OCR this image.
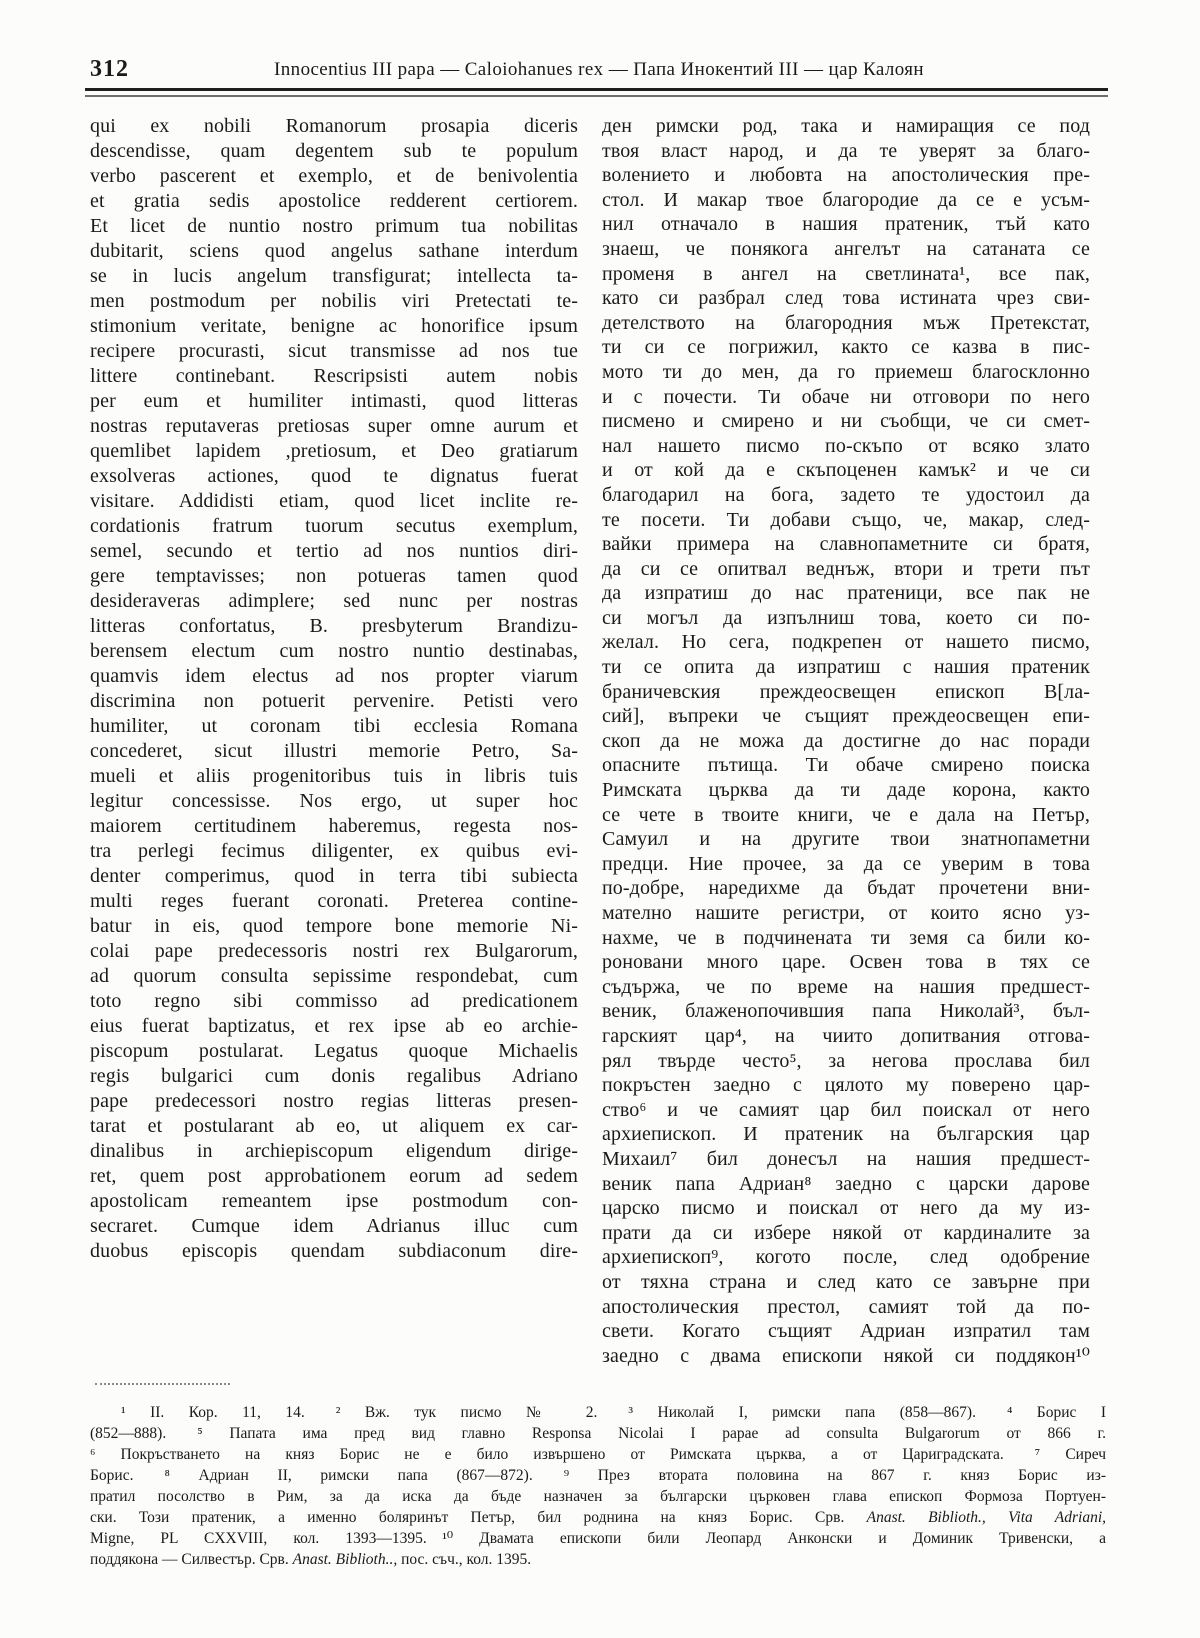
312	Innocentius III papa — Caloiohanues rex — Папа Инокентий III — цар Калоян
qui ex nobili Romanorum prosapia diceris
descendisse, quam degentem sub te populum
verbo pascerent et exemplo, et de benivolentia
et gratia sedis apostolice redderent certiorem.
Et licet de nuntio nostro primum tua nobilitas
dubitarit, sciens quod angelus sathane interdum
se in lucis angelum transfigurat; intellecta ta-
men postmodum per nobilis viri Pretectati te-
stimonium veritate, benigne ac honorifice ipsum
recipere procurasti, sicut transmisse ad nos tue
littere continebant. Rescripsisti autem nobis
per eum et humiliter intimasti, quod litteras
nostras reputaveras pretiosas super omne aurum et
quemlibet lapidem ,pretiosum, et Deo gratiarum
exsolveras actiones, quod te dignatus fuerat
visitare. Addidisti etiam, quod licet inclite re-
cordationis fratrum tuorum secutus exemplum,
semel, secundo et tertio ad nos nuntios diri-
gere temptavisses; non potueras tamen quod
desideraveras adimplere; sed nunc per nostras
litteras confortatus, B. presbyterum Brandizu-
berensem electum cum nostro nuntio destinabas,
quamvis idem electus ad nos propter viarum
discrimina non potuerit pervenire. Petisti vero
humiliter, ut coronam tibi ecclesia Romana
concederet, sicut illustri memorie Petro, Sa-
mueli et aliis progenitoribus tuis in libris tuis
legitur concessisse. Nos ergo, ut super hoc
maiorem certitudinem haberemus, regesta nos-
tra perlegi fecimus diligenter, ex quibus evi-
denter comperimus, quod in terra tibi subiecta
multi reges fuerant coronati. Preterea contine-
batur in eis, quod tempore bone memorie Ni-
colai pape predecessoris nostri rex Bulgarorum,
ad quorum consulta sepissime respondebat, cum
toto regno sibi commisso ad predicationem
eius fuerat baptizatus, et rex ipse ab eo archie-
piscopum postularat. Legatus quoque Michaelis
regis bulgarici cum donis regalibus Adriano
pape predecessori nostro regias litteras presen-
tarat et postularant ab eo, ut aliquem ex car-
dinalibus in archiepiscopum eligendum dirige-
ret, quem post approbationem eorum ad sedem
apostolicam remeantem ipse postmodum con-
secraret. Cumque idem Adrianus illuc cum
duobus episcopis quendam subdiaconum dire-
ден римски род, така и намиращия се под
твоя власт народ, и да те уверят за благо-
волението и любовта на апостолическия пре-
стол. И макар твое благородие да се е усъм-
нил отначало в нашия пратеник, тъй като
знаеш, че понякога ангелът на сатаната се
променя в ангел на светлината¹, все пак,
като си разбрал след това истината чрез сви-
детелството на благородния мъж Претекстат,
ти си се погрижил, както се казва в пис-
мото ти до мен, да го приемеш благосклонно
и с почести. Ти обаче ни отговори по него
писмено и смирено и ни съобщи, че си смет-
нал нашето писмо по-скъпо от всяко злато
и от кой да е скъпоценен камък² и че си
благодарил на бога, задето те удостоил да
те посети. Ти добави също, че, макар, след-
вайки примера на славнопаметните си братя,
да си се опитвал веднъж, втори и трети път
да изпратиш до нас пратеници, все пак не
си могъл да изпълниш това, което си по-
желал. Но сега, подкрепен от нашето писмо,
ти се опита да изпратиш с нашия пратеник
браничевския преждеосвещен епископ В[ла-
сий], въпреки че същият преждеосвещен епи-
скоп да не можа да достигне до нас поради
опасните пътища. Ти обаче смирено поиска
Римската църква да ти даде корона, както
се чете в твоите книги, че е дала на Петър,
Самуил и на другите твои знатнопаметни
предци. Ние прочее, за да се уверим в това
по-добре, наредихме да бъдат прочетени вни-
мателно нашите регистри, от които ясно уз-
нахме, че в подчинената ти земя са били ко-
роновани много царе. Освен това в тях се
съдържа, че по време на нашия предшест-
веник, блаженопочившия папа Николай³, бъл-
гарският цар⁴, на чиито допитвания отгова-
рял твърде често⁵, за негова прослава бил
покръстен заедно с цялото му поверено цар-
ство⁶ и че самият цар бил поискал от него
архиепископ. И пратеник на българския цар
Михаил⁷ бил донесъл на нашия предшест-
веник папа Адриан⁸ заедно с царски дарове
царско писмо и поискал от него да му из-
прати да си избере някой от кардиналите за
архиепископ⁹, когото после, след одобрение
от тяхна страна и след като се завърне при
апостолическия престол, самият той да по-
свети. Когато същият Адриан изпратил там
заедно с двама епископи някой си поддякон¹⁰
  ¹ II. Кор. 11, 14.  ² Вж. тук писмо № 2.  ³ Николай I, римски папа (858—867).  ⁴ Борис I
(852—888).  ⁵ Папата има пред вид главно Responsa Nicolai I papae ad consulta Bulgarorum от 866 г.
⁶ Покръстването на княз Борис не е било извършено от Римската църква, а от Цариградската.  ⁷ Сиреч
Борис.  ⁸ Адриан II, римски папа (867—872).  ⁹ През втората половина на 867 г. княз Борис из-
пратил посолство в Рим, за да иска да бъде назначен за български църковен глава епископ Формоза Портуен-
ски. Този пратеник, а именно боляринът Петър, бил роднина на княз Борис. Срв. Anast. Biblioth., Vita Adriani,
Migne, PL CXXVIII, кол. 1393—1395. ¹⁰ Двамата епископи били Леопард Анконски и Доминик Тривенски, а
поддякона — Силвестър. Срв. Anast. Biblioth.., пос. съч., кол. 1395.
